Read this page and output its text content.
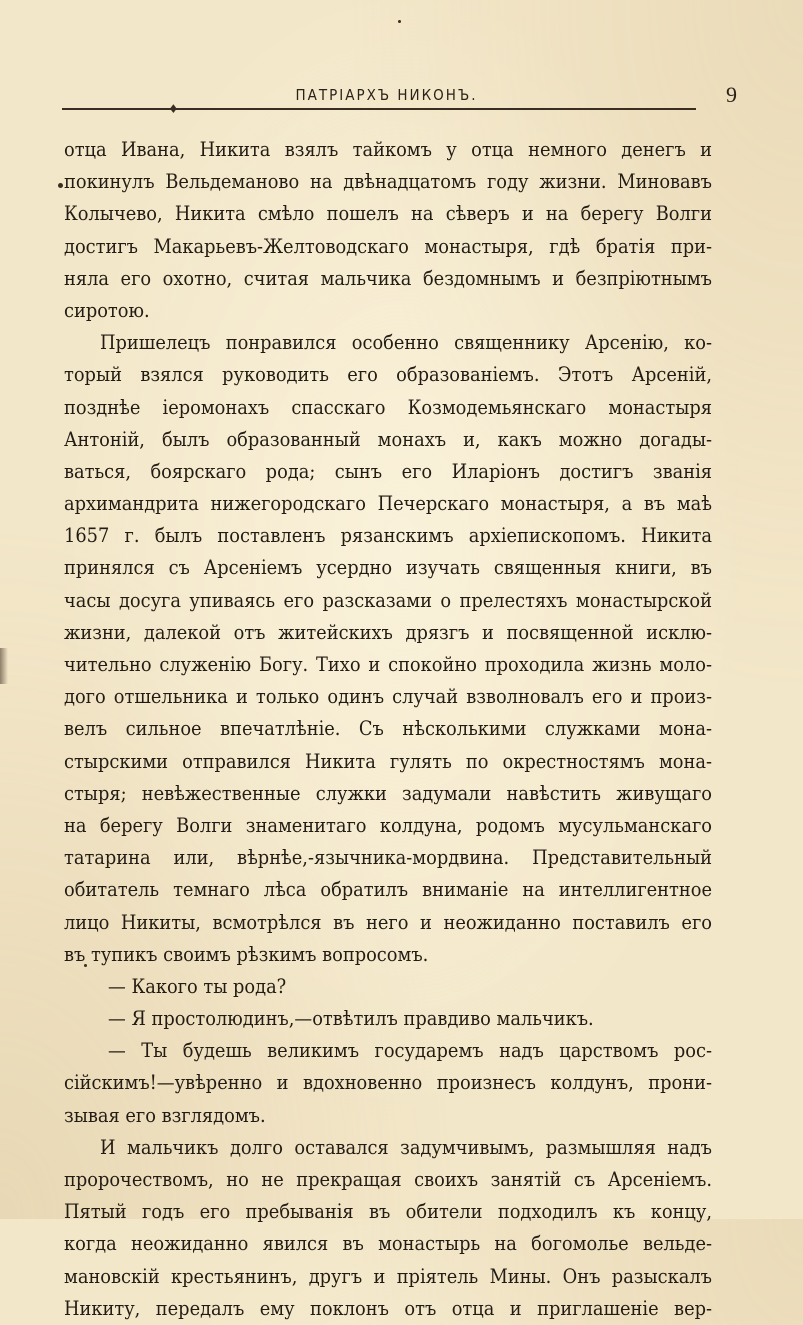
ПАТРІАРХЪ НИКОНЪ.	9
♦
отца Ивана, Никита взялъ тайкомъ у отца немного денегъ и
покинулъ Вельдеманово на двѣнадцатомъ году жизни. Миновавъ
Колычево, Никита смѣло пошелъ на сѣверъ и на берегу Волги
достигъ Макарьевъ-Желтоводскаго монастыря, гдѣ братія при-
няла его охотно, считая мальчика бездомнымъ и безпріютнымъ
сиротою.
Пришелецъ понравился особенно священнику Арсенію, ко-
торый взялся руководить его образованіемъ. Этотъ Арсеній,
позднѣе іеромонахъ спасскаго Козмодемьянскаго монастыря
Антоній, былъ образованный монахъ и, какъ можно догады-
ваться, боярскаго рода; сынъ его Иларіонъ достигъ званія
архимандрита нижегородскаго Печерскаго монастыря, а въ маѣ
1657 г. былъ поставленъ рязанскимъ архіепископомъ. Никита
принялся съ Арсеніемъ усердно изучать священныя книги, въ
часы досуга упиваясь его разсказами о прелестяхъ монастырской
жизни, далекой отъ житейскихъ дрязгъ и посвященной исклю-
чительно служенію Богу. Тихо и спокойно проходила жизнь моло-
дого отшельника и только одинъ случай взволновалъ его и произ-
велъ сильное впечатлѣніе. Съ нѣсколькими служками мона-
стырскими отправился Никита гулять по окрестностямъ мона-
стыря; невѣжественные служки задумали навѣстить живущаго
на берегу Волги знаменитаго колдуна, родомъ мусульманскаго
татарина или, вѣрнѣе,-язычника-мордвина. Представительный
обитатель темнаго лѣса обратилъ вниманіе на интеллигентное
лицо Никиты, всмотрѣлся въ него и неожиданно поставилъ его
въ тупикъ своимъ рѣзкимъ вопросомъ.
— Какого ты рода?
— Я простолюдинъ,—отвѣтилъ правдиво мальчикъ.
— Ты будешь великимъ государемъ надъ царствомъ рос-
сійскимъ!—увѣренно и вдохновенно произнесъ колдунъ, прони-
зывая его взглядомъ.
И мальчикъ долго оставался задумчивымъ, размышляя надъ
пророчествомъ, но не прекращая своихъ занятій съ Арсеніемъ.
Пятый годъ его пребыванія въ обители подходилъ къ концу,
когда неожиданно явился въ монастырь на богомолье вельде-
мановскій крестьянинъ, другъ и пріятель Мины. Онъ разыскалъ
Никиту, передалъ ему поклонъ отъ отца и приглашеніе вер-
